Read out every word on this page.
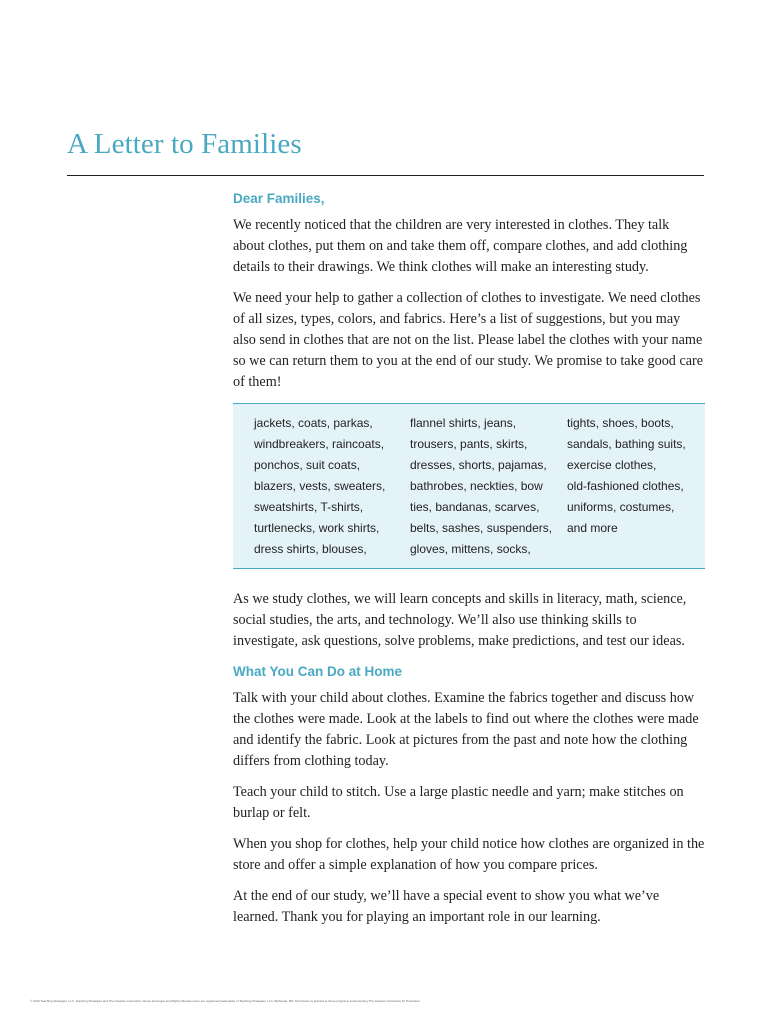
A Letter to Families
Dear Families,

We recently noticed that the children are very interested in clothes. They talk about clothes, put them on and take them off, compare clothes, and add clothing details to their drawings. We think clothes will make an interesting study.

We need your help to gather a collection of clothes to investigate. We need clothes of all sizes, types, colors, and fabrics. Here’s a list of suggestions, but you may also send in clothes that are not on the list. Please label the clothes with your name so we can return them to you at the end of our study. We promise to take good care of them!

jackets, coats, parkas,
windbreakers, raincoats,
ponchos, suit coats,
blazers, vests, sweaters,
sweatshirts, T-shirts,
turtlenecks, work shirts,
dress shirts, blouses,
flannel shirts, jeans,
trousers, pants, skirts,
dresses, shorts, pajamas,
bathrobes, neckties, bow
ties, bandanas, scarves,
belts, sashes, suspenders,
gloves, mittens, socks,
tights, shoes, boots,
sandals, bathing suits,
exercise clothes,
old-fashioned clothes,
uniforms, costumes,
and more

As we study clothes, we will learn concepts and skills in literacy, math, science, social studies, the arts, and technology. We’ll also use thinking skills to investigate, ask questions, solve problems, make predictions, and test our ideas.

What You Can Do at Home

Talk with your child about clothes. Examine the fabrics together and discuss how the clothes were made. Look at the labels to find out where the clothes were made and identify the fabric. Look at pictures from the past and note how the clothing differs from clothing today.

Teach your child to stitch. Use a large plastic needle and yarn; make stitches on burlap or felt.

When you shop for clothes, help your child notice how clothes are organized in the store and offer a simple explanation of how you compare prices.

At the end of our study, we’ll have a special event to show you what we’ve learned. Thank you for playing an important role in our learning.

© 2010 Teaching Strategies, LLC. Teaching Strategies and The Creative Curriculum names and logos and Mighty Minutes name are registered trademarks of Teaching Strategies, LLC, Bethesda, MD. Permission is granted to those programs implementing The Creative Curriculum for Preschool.
